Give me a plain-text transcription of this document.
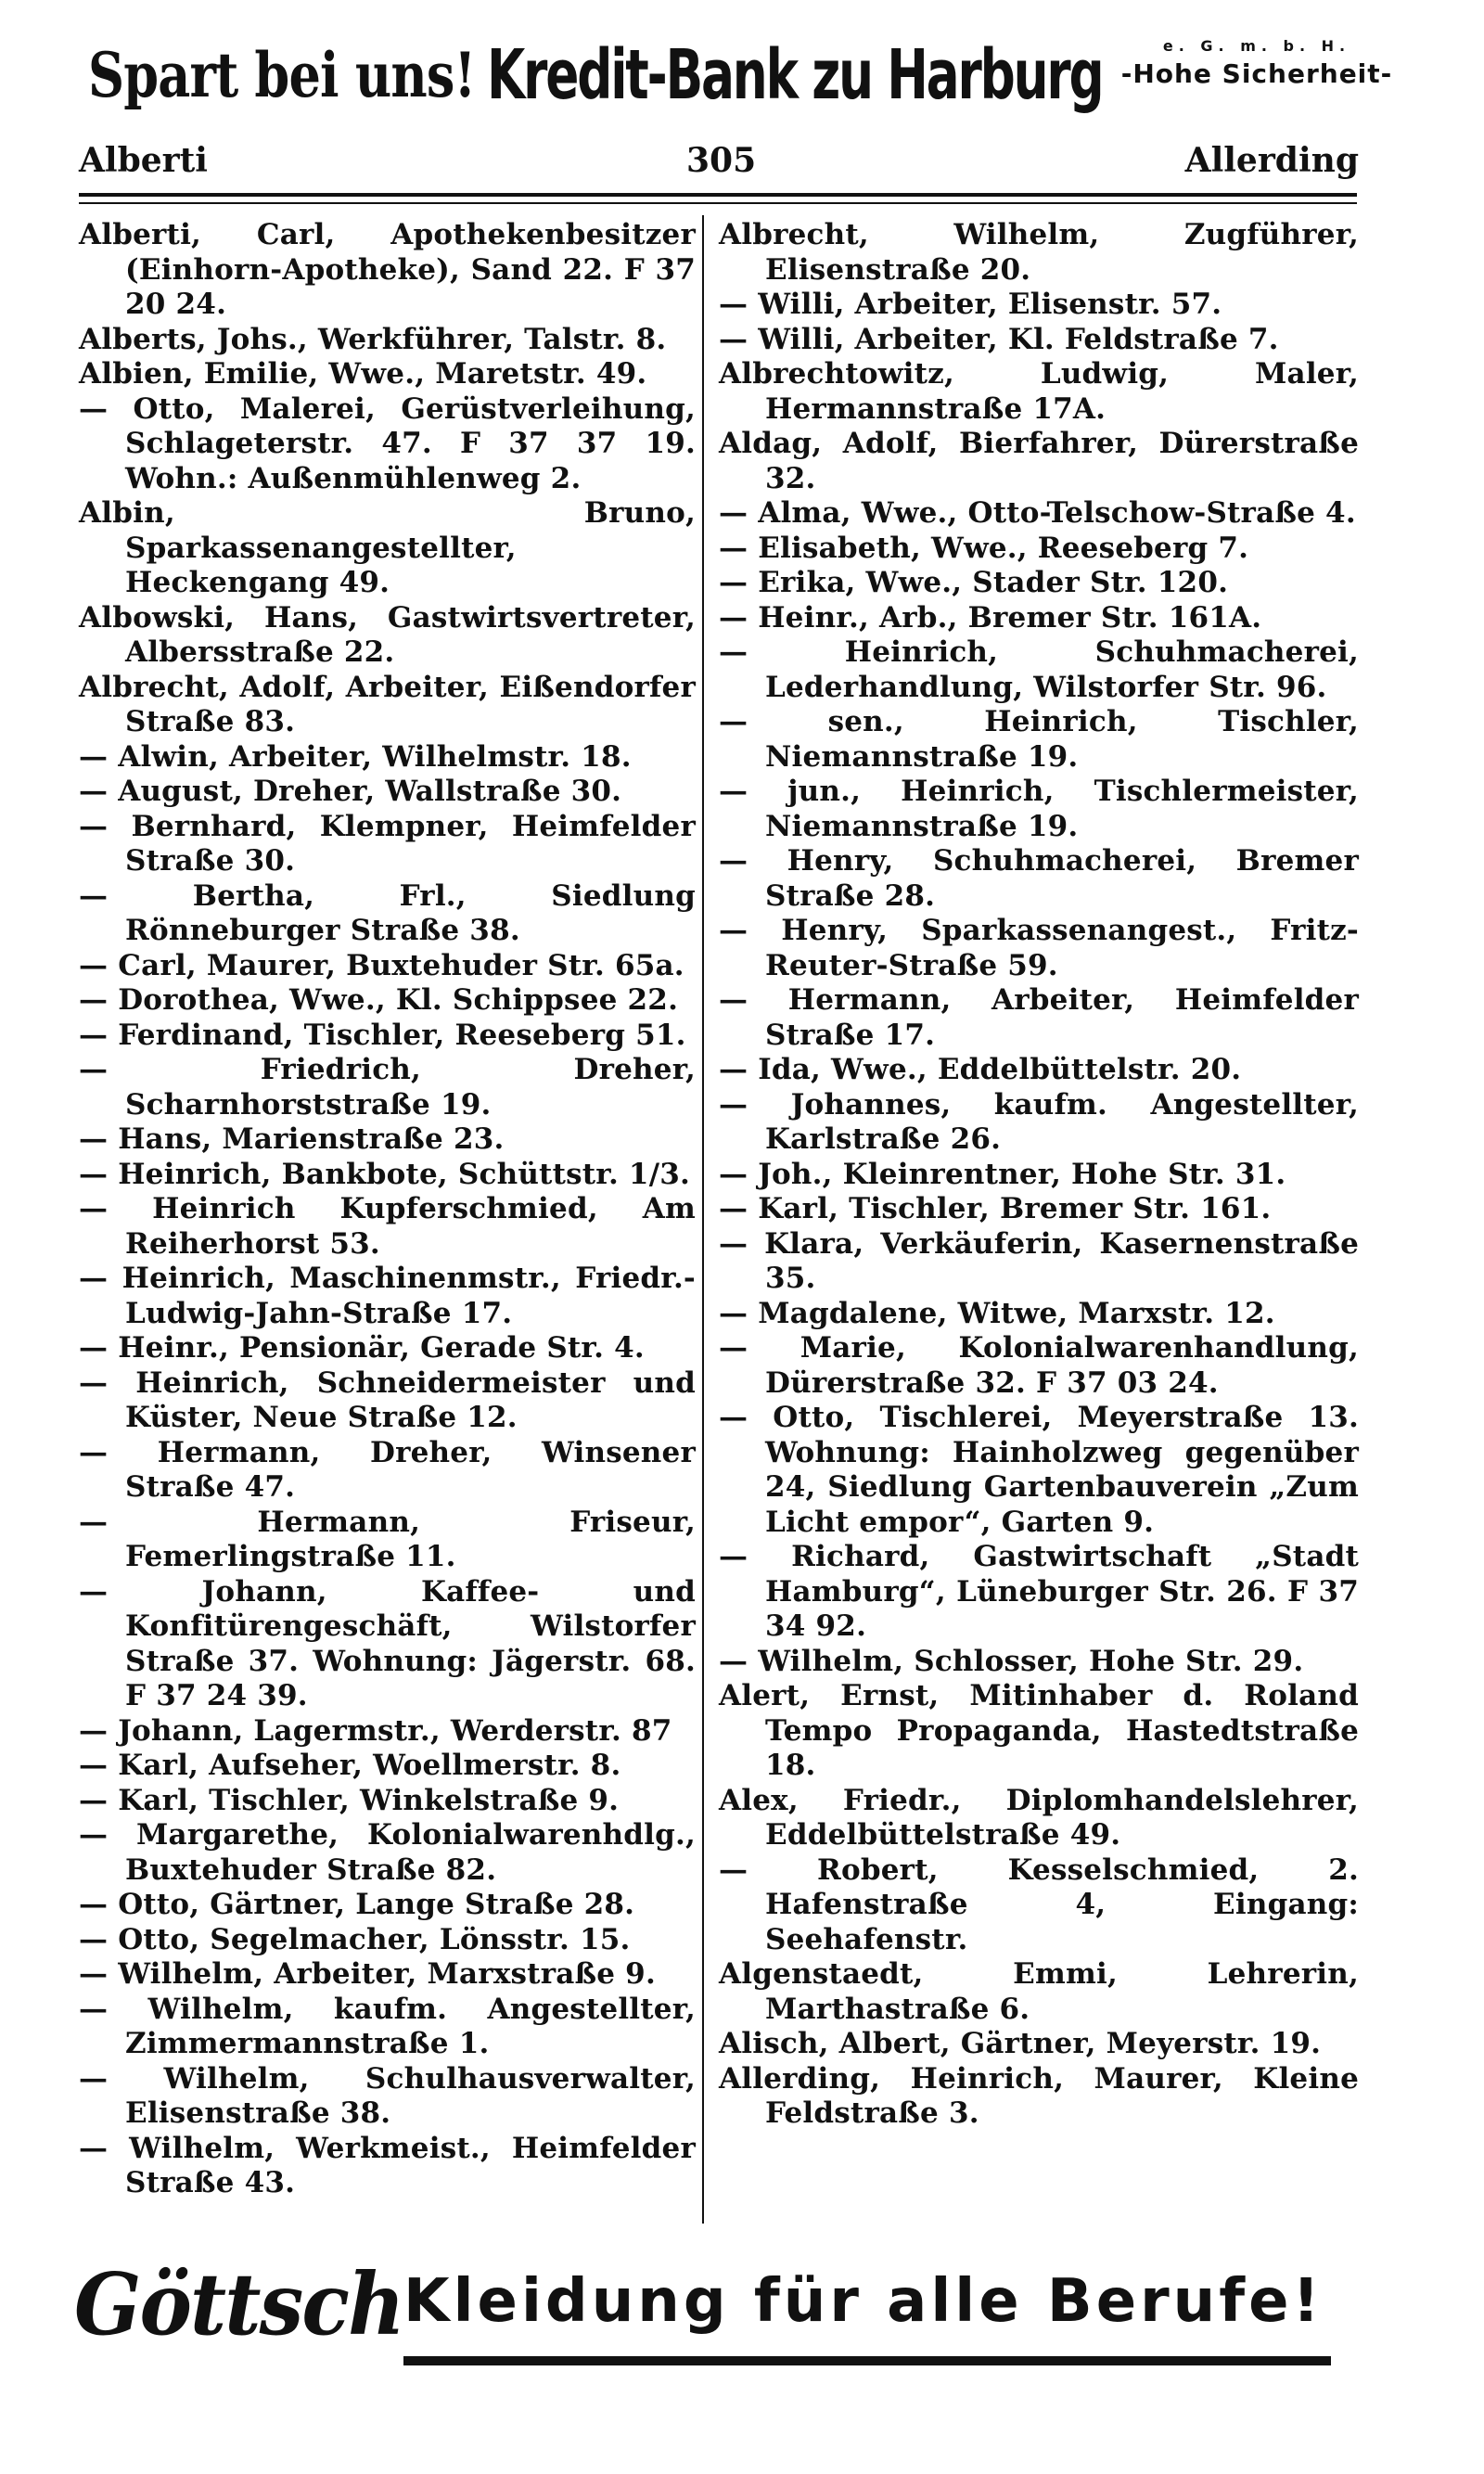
Spart bei uns! Kredit-Bank zu Harburg	e. G. m. b. H.
-Hohe Sicherheit-
Alberti	305	Allerding
Alberti, Carl, Apothekenbesitzer (Einhorn-Apotheke), Sand 22. F 37 20 24.
Alberts, Johs., Werkführer, Talstr. 8.
Albien, Emilie, Wwe., Maretstr. 49.
— Otto, Malerei, Gerüstverleihung, Schlageterstr. 47. F 37 37 19. Wohn.: Außenmühlenweg 2.
Albin, Bruno, Sparkassenangestellter, Heckengang 49.
Albowski, Hans, Gastwirtsvertreter, Albersstraße 22.
Albrecht, Adolf, Arbeiter, Eißendorfer Straße 83.
— Alwin, Arbeiter, Wilhelmstr. 18.
— August, Dreher, Wallstraße 30.
— Bernhard, Klempner, Heimfelder Straße 30.
— Bertha, Frl., Siedlung Rönneburger Straße 38.
— Carl, Maurer, Buxtehuder Str. 65a.
— Dorothea, Wwe., Kl. Schippsee 22.
— Ferdinand, Tischler, Reeseberg 51.
— Friedrich, Dreher, Scharnhorststraße 19.
— Hans, Marienstraße 23.
— Heinrich, Bankbote, Schüttstr. 1/3.
— Heinrich Kupferschmied, Am Reiherhorst 53.
— Heinrich, Maschinenmstr., Friedr.-Ludwig-Jahn-Straße 17.
— Heinr., Pensionär, Gerade Str. 4.
— Heinrich, Schneidermeister und Küster, Neue Straße 12.
— Hermann, Dreher, Winsener Straße 47.
— Hermann, Friseur, Femerlingstraße 11.
— Johann, Kaffee- und Konfitürengeschäft, Wilstorfer Straße 37. Wohnung: Jägerstr. 68. F 37 24 39.
— Johann, Lagermstr., Werderstr. 87
— Karl, Aufseher, Woellmerstr. 8.
— Karl, Tischler, Winkelstraße 9.
— Margarethe, Kolonialwarenhdlg., Buxtehuder Straße 82.
— Otto, Gärtner, Lange Straße 28.
— Otto, Segelmacher, Lönsstr. 15.
— Wilhelm, Arbeiter, Marxstraße 9.
— Wilhelm, kaufm. Angestellter, Zimmermannstraße 1.
— Wilhelm, Schulhausverwalter, Elisenstraße 38.
— Wilhelm, Werkmeist., Heimfelder Straße 43.
Albrecht, Wilhelm, Zugführer, Elisenstraße 20.
— Willi, Arbeiter, Elisenstr. 57.
— Willi, Arbeiter, Kl. Feldstraße 7.
Albrechtowitz, Ludwig, Maler, Hermannstraße 17A.
Aldag, Adolf, Bierfahrer, Dürerstraße 32.
— Alma, Wwe., Otto-Telschow-Straße 4.
— Elisabeth, Wwe., Reeseberg 7.
— Erika, Wwe., Stader Str. 120.
— Heinr., Arb., Bremer Str. 161A.
— Heinrich, Schuhmacherei, Lederhandlung, Wilstorfer Str. 96.
— sen., Heinrich, Tischler, Niemannstraße 19.
— jun., Heinrich, Tischlermeister, Niemannstraße 19.
— Henry, Schuhmacherei, Bremer Straße 28.
— Henry, Sparkassenangest., Fritz-Reuter-Straße 59.
— Hermann, Arbeiter, Heimfelder Straße 17.
— Ida, Wwe., Eddelbüttelstr. 20.
— Johannes, kaufm. Angestellter, Karlstraße 26.
— Joh., Kleinrentner, Hohe Str. 31.
— Karl, Tischler, Bremer Str. 161.
— Klara, Verkäuferin, Kasernenstraße 35.
— Magdalene, Witwe, Marxstr. 12.
— Marie, Kolonialwarenhandlung, Dürerstraße 32. F 37 03 24.
— Otto, Tischlerei, Meyerstraße 13. Wohnung: Hainholzweg gegenüber 24, Siedlung Gartenbauverein „Zum Licht empor“, Garten 9.
— Richard, Gastwirtschaft „Stadt Hamburg“, Lüneburger Str. 26. F 37 34 92.
— Wilhelm, Schlosser, Hohe Str. 29.
Alert, Ernst, Mitinhaber d. Roland Tempo Propaganda, Hastedtstraße 18.
Alex, Friedr., Diplomhandelslehrer, Eddelbüttelstraße 49.
— Robert, Kesselschmied, 2. Hafenstraße 4, Eingang: Seehafenstr.
Algenstaedt, Emmi, Lehrerin, Marthastraße 6.
Alisch, Albert, Gärtner, Meyerstr. 19.
Allerding, Heinrich, Maurer, Kleine Feldstraße 3.
Göttsch Kleidung für alle Berufe!
